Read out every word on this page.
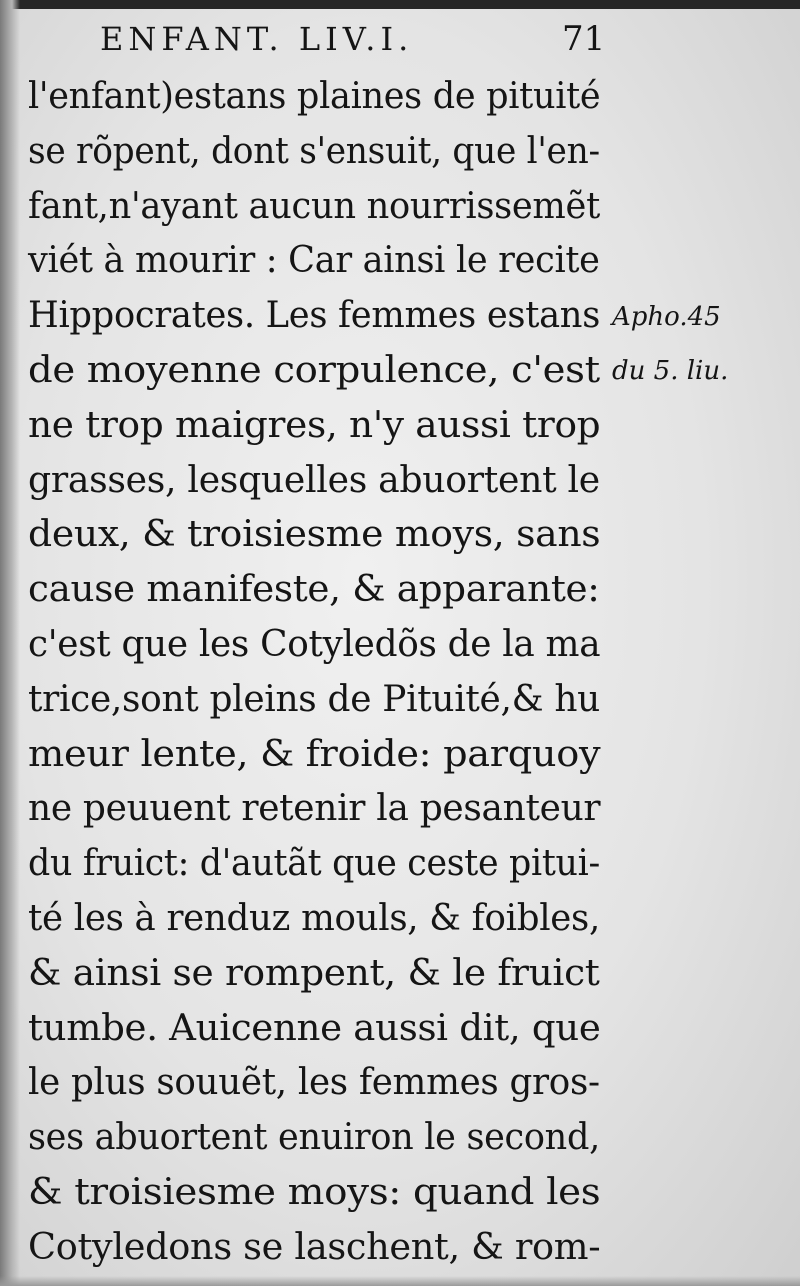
ENFANT. LIV.I.	71
l'enfant)estans plaines de pituité
se rõpent, dont s'ensuit, que l'en-
fant,n'ayant aucun nourrissemẽt
viét à mourir : Car ainsi le recite
Hippocrates. Les femmes estans
de moyenne corpulence, c'est
ne trop maigres, n'y aussi trop
grasses, lesquelles abuortent le
deux, & troisiesme moys, sans
cause manifeste, & apparante:
c'est que les Cotyledõs de la ma
trice,sont pleins de Pituité,& hu
meur lente, & froide: parquoy
ne peuuent retenir la pesanteur
du fruict: d'autãt que ceste pitui-
té les à renduz mouls, & foibles,
& ainsi se rompent, & le fruict
tumbe. Auicenne aussi dit, que
le plus souuẽt, les femmes gros-
ses abuortent enuiron le second,
& troisiesme moys: quand les
Cotyledons se laschent, & rom-
Apho.45
du 5. liu.
